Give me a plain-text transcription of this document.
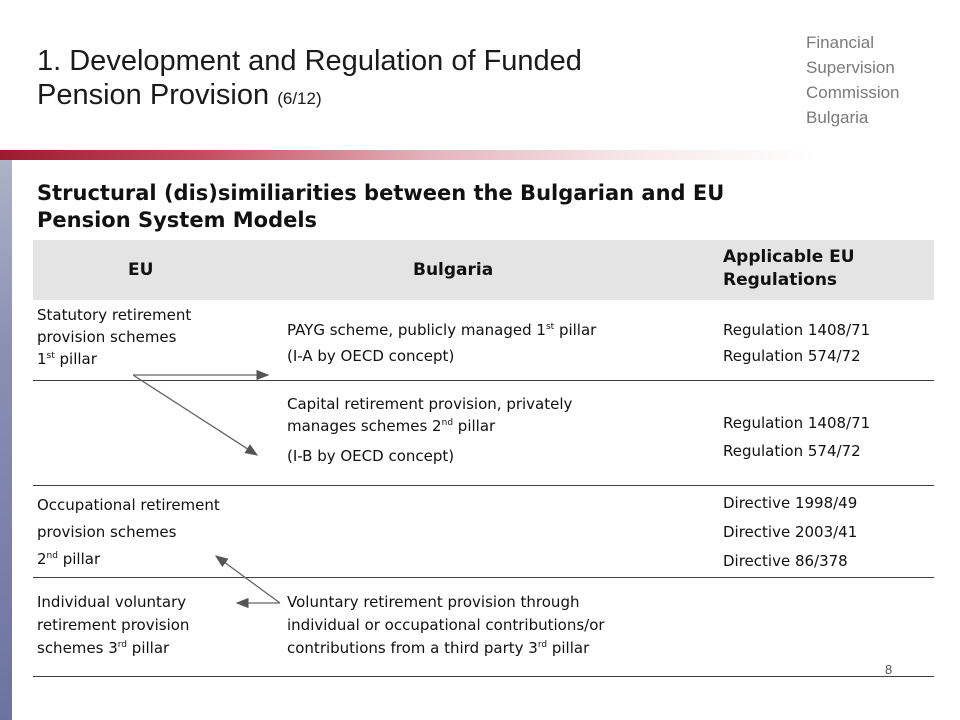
1. Development and Regulation of Funded
Pension Provision (6/12)
Financial
Supervision
Commission
Bulgaria
Structural (dis)similiarities between the Bulgarian and EU
Pension System Models
EU	Bulgaria
Applicable EU
Regulations
Statutory retirement
provision schemes
1st pillar
PAYG scheme, publicly managed 1st pillar
(I-A by OECD concept)
Regulation 1408/71
Regulation 574/72
Capital retirement provision, privately
manages schemes 2nd pillar
(I-B by OECD concept)
Regulation 1408/71
Regulation 574/72
Occupational retirement
provision schemes
2nd pillar
Directive 1998/49
Directive 2003/41
Directive 86/378
Individual voluntary
retirement provision
schemes 3rd pillar
Voluntary retirement provision through
individual or occupational contributions/or
contributions from a third party 3rd pillar
8
